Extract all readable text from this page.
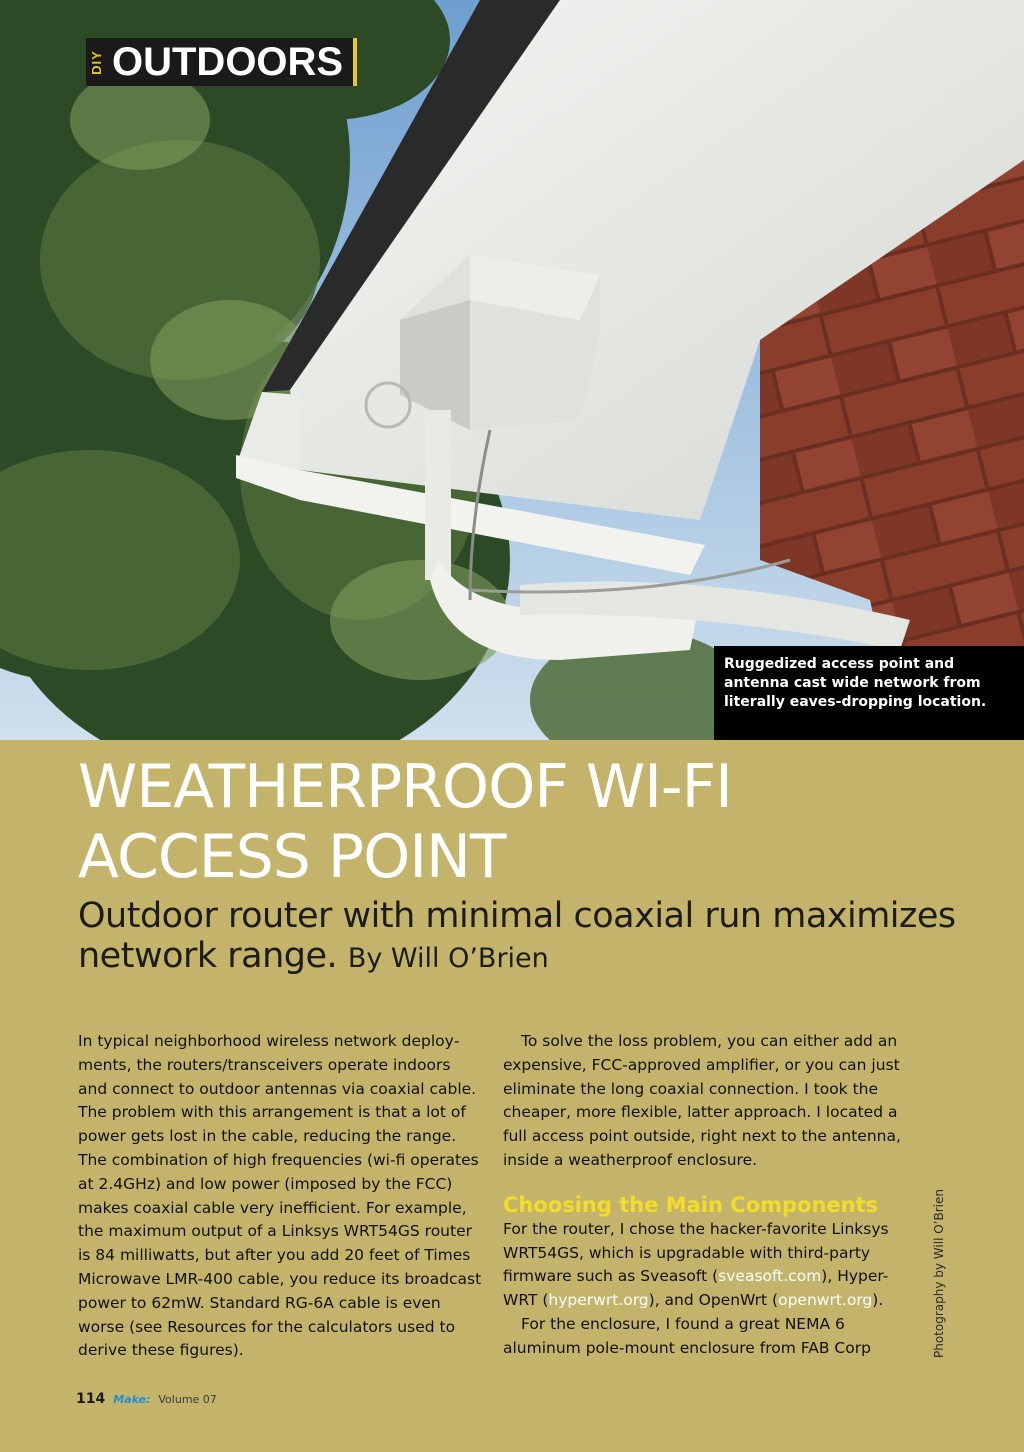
DIY OUTDOORS
Ruggedized access point and antenna cast wide network from literally eaves-dropping location.
WEATHERPROOF WI-FI
ACCESS POINT

Outdoor router with minimal coaxial run maximizes network range. By Will O’Brien

In typical neighborhood wireless network deployments, the routers/transceivers operate indoors and connect to outdoor antennas via coaxial cable. The problem with this arrangement is that a lot of power gets lost in the cable, reducing the range. The combination of high frequencies (wi-fi operates at 2.4GHz) and low power (imposed by the FCC) makes coaxial cable very inefficient. For example, the maximum output of a Linksys WRT54GS router is 84 milliwatts, but after you add 20 feet of Times Microwave LMR-400 cable, you reduce its broadcast power to 62mW. Standard RG-6A cable is even worse (see Resources for the calculators used to derive these figures).

To solve the loss problem, you can either add an expensive, FCC-approved amplifier, or you can just eliminate the long coaxial connection. I took the cheaper, more flexible, latter approach. I located a full access point outside, right next to the antenna, inside a weatherproof enclosure.

Choosing the Main Components

For the router, I chose the hacker-favorite Linksys WRT54GS, which is upgradable with third-party firmware such as Sveasoft (sveasoft.com), Hyper-WRT (hyperwrt.org), and OpenWrt (openwrt.org).

For the enclosure, I found a great NEMA 6 aluminum pole-mount enclosure from FAB Corp	Photography by Will O’Brien
114 Make: Volume 07
